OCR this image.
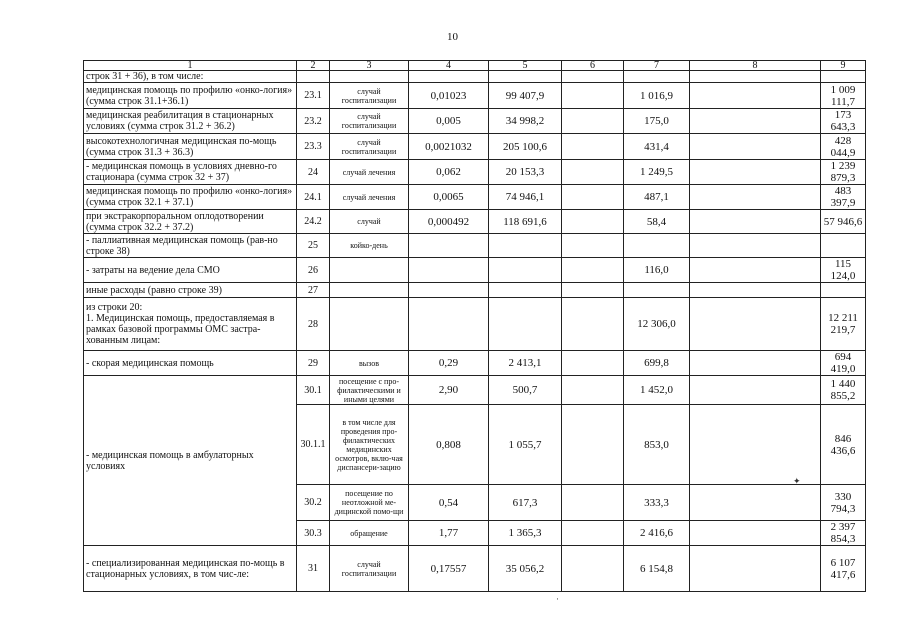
10
1	2	3	4	5	6	7	8	9	
строк 31 + 36), в том числе:									
медицинская помощь по профилю «онко-логия» (сумма строк 31.1+36.1)	23.1	случай госпитализации	0,01023	99 407,9		1 016,9		1 009 111,7	
медицинская реабилитация в стационарных условиях (сумма строк 31.2 + 36.2)	23.2	случай госпитализации	0,005	34 998,2		175,0		173 643,3	
высокотехнологичная медицинская по-мощь (сумма строк 31.3 + 36.3)	23.3	случай госпитализации	0,0021032	205 100,6		431,4		428 044,9	
- медицинская помощь в условиях дневно-го стационара (сумма строк 32 + 37)	24	случай лечения	0,062	20 153,3		1 249,5		1 239 879,3	
медицинская помощь по профилю «онко-логия» (сумма строк 32.1 + 37.1)	24.1	случай лечения	0,0065	74 946,1		487,1		483 397,9	
при экстракорпоральном оплодотворении (сумма строк 32.2 + 37.2)	24.2	случай	0,000492	118 691,6		58,4		57 946,6	
- паллиативная медицинская помощь (рав-но строке 38)	25	койко-день							
- затраты на ведение дела СМО	26					116,0		115 124,0	
иные расходы (равно строке 39)	27								
из строки 20:
1. Медицинская помощь, предоставляемая в рамках базовой программы ОМС застра-хованным лицам:	28					12 306,0		12 211 219,7	
- скорая медицинская помощь	29	вызов	0,29	2 413,1		699,8		694 419,0	
- медицинская помощь в амбулаторных условиях	30.1	посещение с про-филактическими и иными целями	2,90	500,7		1 452,0		1 440 855,2	
	30.1.1	в том числе для проведения про-филактических медицинских осмотров, вклю-чая диспансери-зацию	0,808	1 055,7		853,0		846 436,6	
	30.2	посещение по неотложной ме-дицинской помо-щи	0,54	617,3		333,3		330 794,3	
	30.3	обращение	1,77	1 365,3		2 416,6		2 397 854,3	
- специализированная медицинская по-мощь в стационарных условиях, в том чис-ле:	31	случай госпитализации	0,17557	35 056,2		6 154,8		6 107 417,6	
✦
·
